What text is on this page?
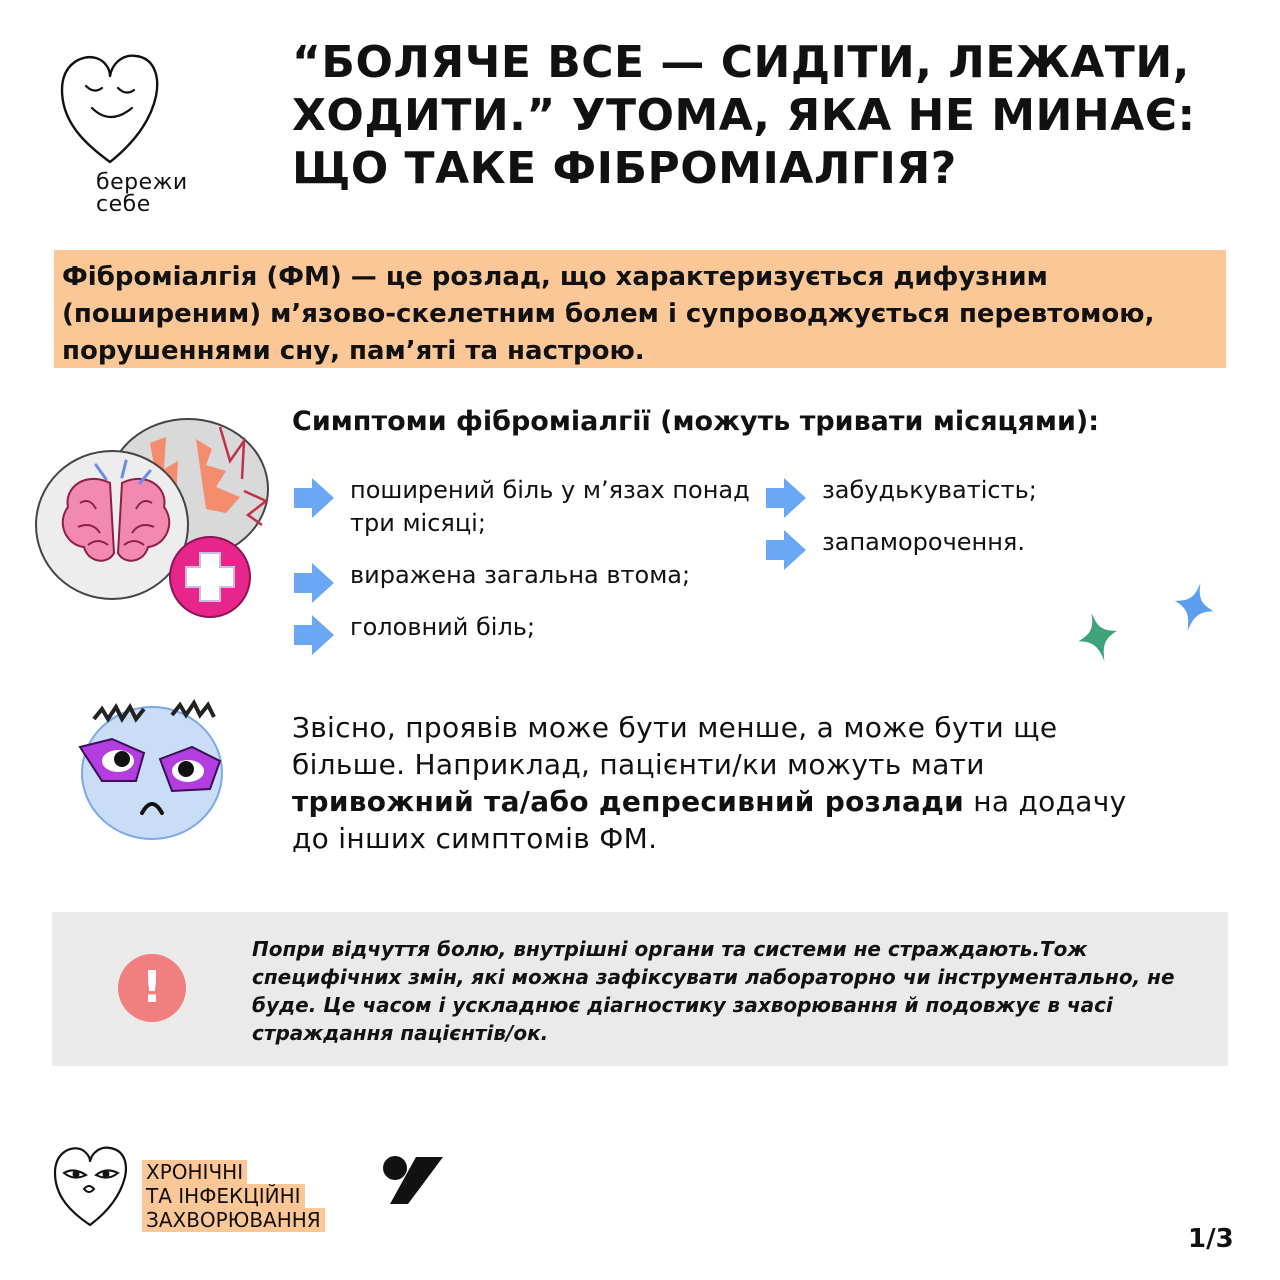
бережи
себе
“БОЛЯЧЕ ВСЕ — СИДІТИ, ЛЕЖАТИ, ХОДИТИ.” УТОМА, ЯКА НЕ МИНАЄ: ЩО ТАКЕ ФІБРОМІАЛГІЯ?
Фіброміалгія (ФМ) — це розлад, що характеризується дифузним (поширеним) м’язово-скелетним болем і супроводжується перевтомою, порушеннями сну, пам’яті та настрою.
Симптоми фіброміалгії (можуть тривати місяцями):
поширений біль у м’язах понад три місяці;
виражена загальна втома;
головний біль;
забудькуватість;
запаморочення.

Звісно, проявів може бути менше, а може бути ще більше. Наприклад, пацієнти/ки можуть мати тривожний та/або депресивний розлади на додачу до інших симптомів ФМ.

!

Попри відчуття болю, внутрішні органи та системи не страждають.Тож специфічних змін, які можна зафіксувати лабораторно чи інструментально, не буде. Це часом і ускладнює діагностику захворювання й подовжує в часі страждання пацієнтів/ок.

ХРОНІЧНІ
ТА ІНФЕКЦІЙНІ
ЗАХВОРЮВАННЯ
1/3
